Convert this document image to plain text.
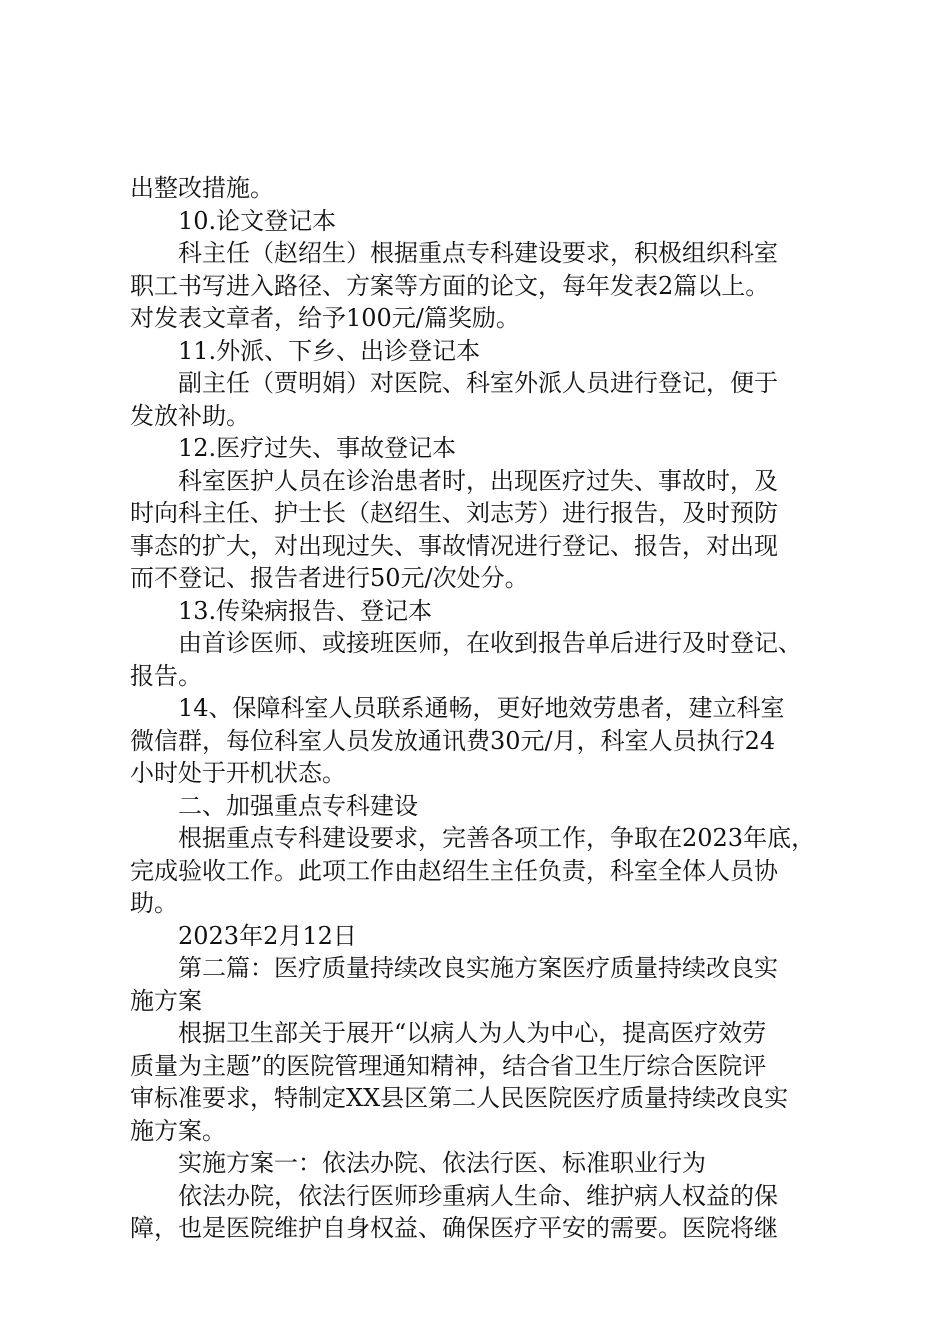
出整改措施。

10.论文登记本

科主任（赵绍生）根据重点专科建设要求，积极组织科室

职工书写进入路径、方案等方面的论文，每年发表2篇以上。

对发表文章者，给予100元/篇奖励。

11.外派、下乡、出诊登记本

副主任（贾明娟）对医院、科室外派人员进行登记，便于

发放补助。

12.医疗过失、事故登记本

科室医护人员在诊治患者时，出现医疗过失、事故时，及

时向科主任、护士长（赵绍生、刘志芳）进行报告，及时预防

事态的扩大，对出现过失、事故情况进行登记、报告，对出现

而不登记、报告者进行50元/次处分。

13.传染病报告、登记本

由首诊医师、或接班医师，在收到报告单后进行及时登记、

报告。

14、保障科室人员联系通畅，更好地效劳患者，建立科室

微信群，每位科室人员发放通讯费30元/月，科室人员执行24

小时处于开机状态。

二、加强重点专科建设

根据重点专科建设要求，完善各项工作，争取在2023年底，

完成验收工作。此项工作由赵绍生主任负责，科室全体人员协

助。

2023年2月12日

第二篇：医疗质量持续改良实施方案医疗质量持续改良实

施方案

根据卫生部关于展开“以病人为人为中心，提高医疗效劳

质量为主题”的医院管理通知精神，结合省卫生厅综合医院评

审标准要求，特制定XX县区第二人民医院医疗质量持续改良实

施方案。

实施方案一：依法办院、依法行医、标准职业行为

依法办院，依法行医师珍重病人生命、维护病人权益的保

障，也是医院维护自身权益、确保医疗平安的需要。医院将继
